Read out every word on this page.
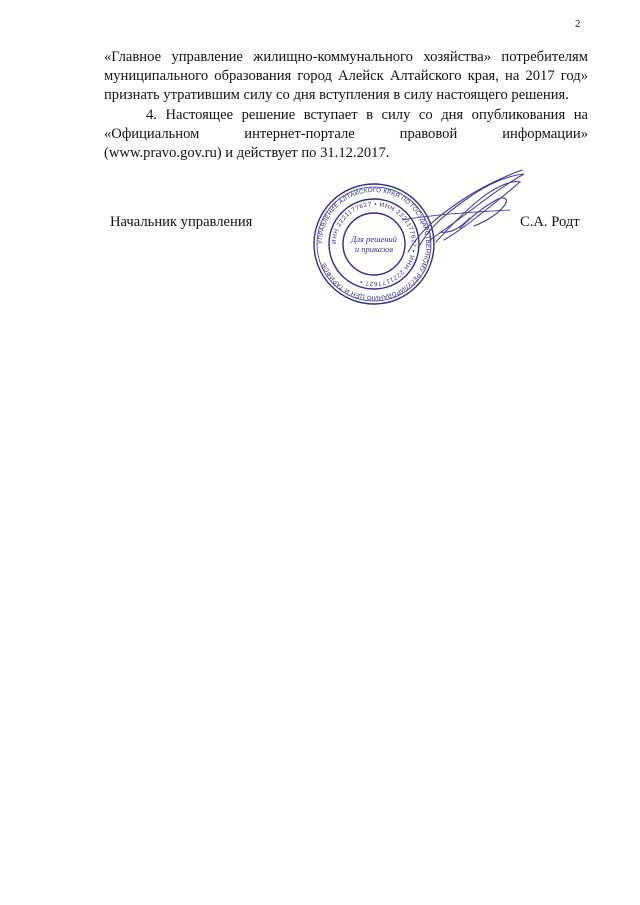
2

«Главное управление жилищно-коммунального хозяйства» потребителям
муниципального образования город Алейск Алтайского края, на 2017 год»
признать утратившим силу со дня вступления в силу настоящего решения.

4. Настоящее решение вступает в силу со дня опубликования на
«Официальном интернет-портале правовой информации»
(www.pravo.gov.ru) и действует по 31.12.2017.

Начальник управления	С.А. Родт
УПРАВЛЕНИЕ АЛТАЙСКОГО КРАЯ ПО ГОСУДАРСТВЕННОМУ РЕГУЛИРОВАНИЮ ЦЕН И ТАРИФОВ
ИНН 2221177627 • ИНН 2221177627 • ИНН 2221177627 •
Для решений
и приказов
